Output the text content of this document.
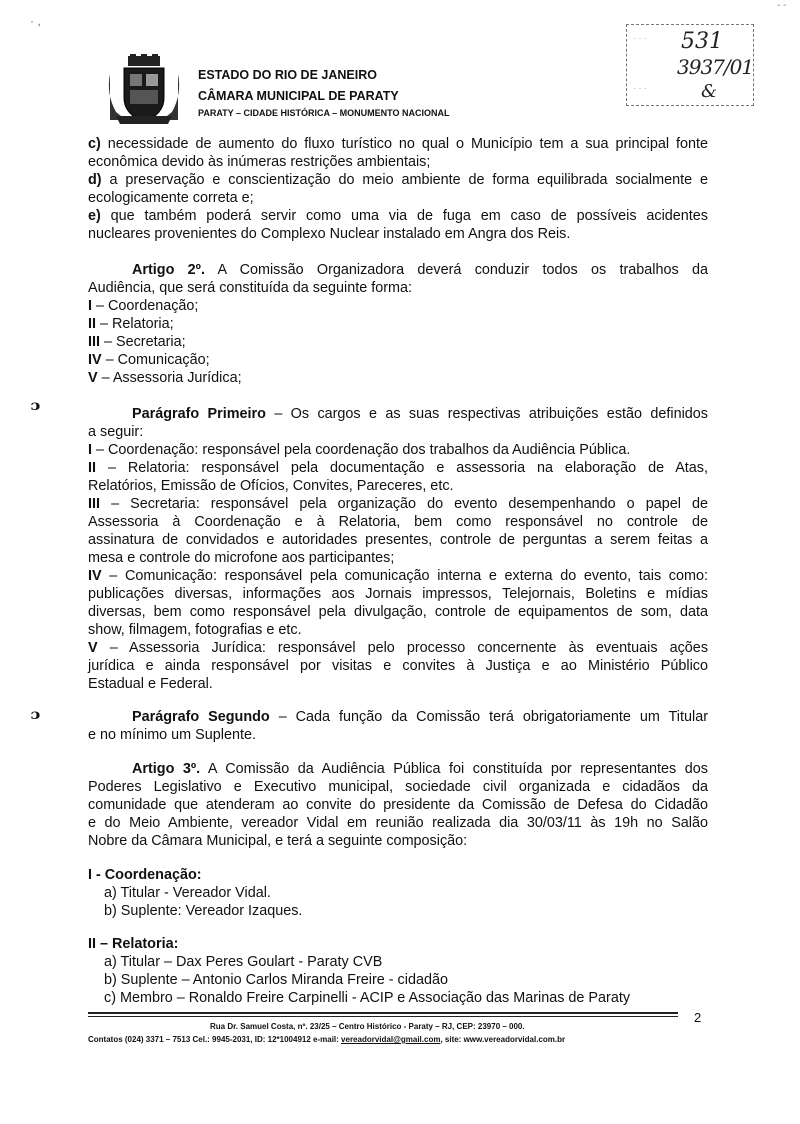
· ,
- -
ESTADO DO RIO DE JANEIRO
CÂMARA MUNICIPAL DE PARATY
PARATY – CIDADE HISTÓRICA – MONUMENTO NACIONAL
· · ·
· · ·
531
3937/01
&
c) necessidade de aumento do fluxo turístico no qual o Município tem a sua principal fonte
econômica devido às inúmeras restrições ambientais;
d) a preservação e conscientização do meio ambiente de forma equilibrada socialmente e
ecologicamente correta e;
e) que também poderá servir como uma via de fuga em caso de possíveis acidentes
nucleares provenientes do Complexo Nuclear instalado em Angra dos Reis.
Artigo 2º. A Comissão Organizadora deverá conduzir todos os trabalhos da
Audiência, que será constituída da seguinte forma:
I – Coordenação;
II – Relatoria;
III – Secretaria;
IV – Comunicação;
V – Assessoria Jurídica;
ᵓ
ᵓ
Parágrafo Primeiro – Os cargos e as suas respectivas atribuições estão definidos
a seguir:
I – Coordenação: responsável pela coordenação dos trabalhos da Audiência Pública.
II – Relatoria: responsável pela documentação e assessoria na elaboração de Atas,
Relatórios, Emissão de Ofícios, Convites, Pareceres, etc.
III – Secretaria: responsável pela organização do evento desempenhando o papel de
Assessoria à Coordenação e à Relatoria, bem como responsável no controle de
assinatura de convidados e autoridades presentes, controle de perguntas a serem feitas a
mesa e controle do microfone aos participantes;
IV – Comunicação: responsável pela comunicação interna e externa do evento, tais como:
publicações diversas, informações aos Jornais impressos, Telejornais, Boletins e mídias
diversas, bem como responsável pela divulgação, controle de equipamentos de som, data
show, filmagem, fotografias e etc.
V – Assessoria Jurídica: responsável pelo processo concernente às eventuais ações
jurídica e ainda responsável por visitas e convites à Justiça e ao Ministério Público
Estadual e Federal.
Parágrafo Segundo – Cada função da Comissão terá obrigatoriamente um Titular
e no mínimo um Suplente.
Artigo 3º. A Comissão da Audiência Pública foi constituída por representantes dos
Poderes Legislativo e Executivo municipal, sociedade civil organizada e cidadãos da
comunidade que atenderam ao convite do presidente da Comissão de Defesa do Cidadão
e do Meio Ambiente, vereador Vidal em reunião realizada dia 30/03/11 às 19h no Salão
Nobre da Câmara Municipal, e terá a seguinte composição:
I - Coordenação:
a) Titular - Vereador Vidal.
b) Suplente: Vereador Izaques.
II – Relatoria:
a) Titular – Dax Peres Goulart - Paraty CVB
b) Suplente – Antonio Carlos Miranda Freire - cidadão
c) Membro – Ronaldo Freire Carpinelli - ACIP e Associação das Marinas de Paraty
2
Rua Dr. Samuel Costa, nº. 23/25 – Centro Histórico - Paraty – RJ, CEP: 23970 – 000.
Contatos (024) 3371 – 7513 Cel.: 9945-2031, ID: 12*1004912 e-mail: vereadorvidal@gmail.com, site: www.vereadorvidal.com.br
